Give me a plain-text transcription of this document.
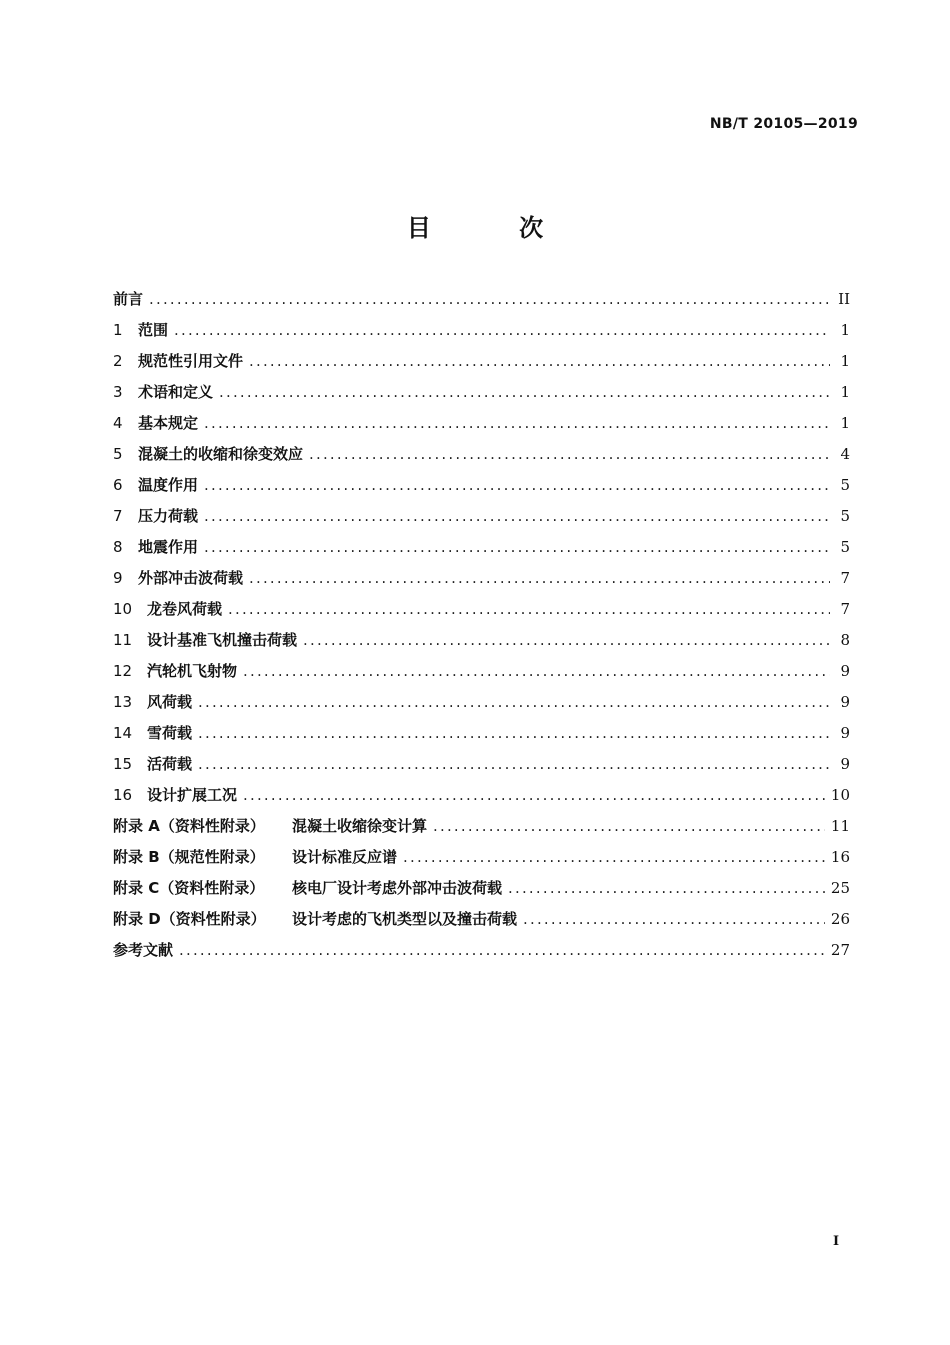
NB/T 20105—2019
目 次
前言 .....	II
1	范围 .....	1
2	规范性引用文件 .....	1
3	术语和定义 .....	1
4	基本规定 .....	1
5	混凝土的收缩和徐变效应 .....	4
6	温度作用 .....	5
7	压力荷载 .....	5
8	地震作用 .....	5
9	外部冲击波荷载 .....	7
10 龙卷风荷载 .....	7
11 设计基准飞机撞击荷载 .....	8
12 汽轮机飞射物 .....	9
13 风荷载 .....	9
14 雪荷载 .....	9
15 活荷载 .....	9
16 设计扩展工况 .....	10
附录 A（资料性附录）	混凝土收缩徐变计算 .....	11
附录 B（规范性附录）	设计标准反应谱 .....	16
附录 C（资料性附录）	核电厂设计考虑外部冲击波荷载 .....	25
附录 D（资料性附录）	设计考虑的飞机类型以及撞击荷载 .....	26
参考文献 .....	27
I
